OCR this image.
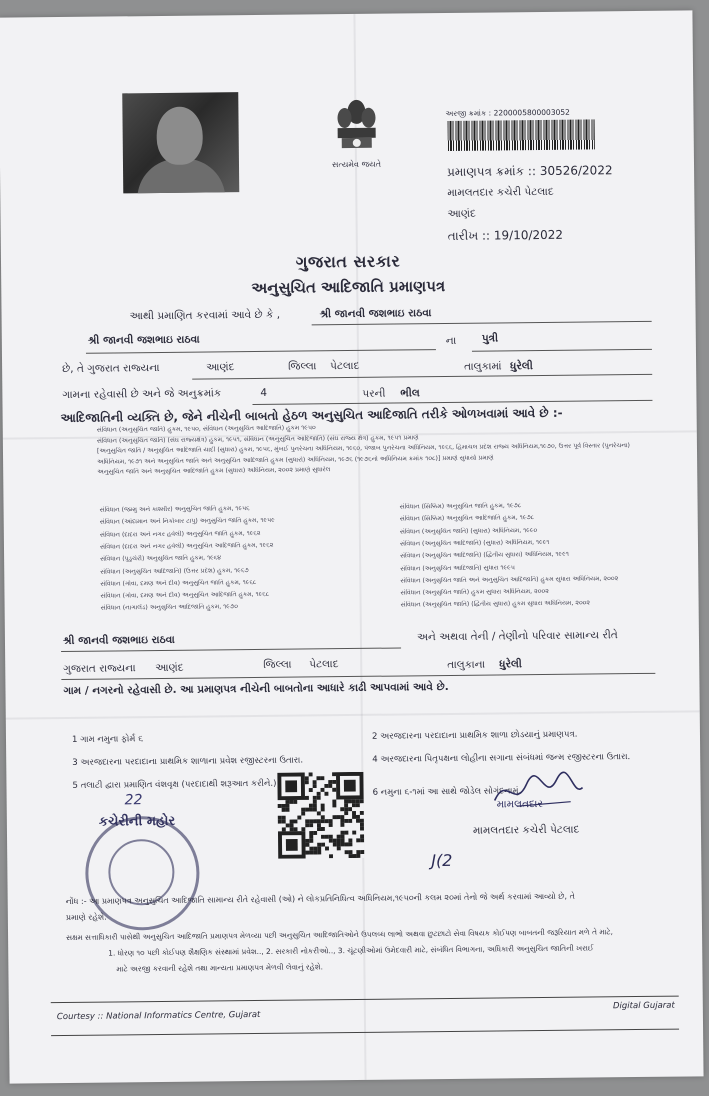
સત્યમેવ જયતે
અરજી ક્રમાંક : 2200005800003052
પ્રમાણપત્ર ક્રમાંક :: 30526/2022
મામલતદાર કચેરી પેટલાદ
આણંદ
તારીખ :: 19/10/2022
ગુજરાત સરકાર
અનુસુચિત આદિજાતિ પ્રમાણપત્ર
આથી પ્રમાણિત કરવામાં આવે છે કે ,	શ્રી જાનવી જશભાઇ રાઠવા
શ્રી જાનવી જશભાઇ રાઠવા	ના પુત્રી
છે, તે ગુજરાત રાજ્યના	આણંદ	જિલ્લા પેટલાદ	તાલુકામાં ધુરેલી
ગામના રહેવાસી છે અને જે અનુક્રમાંક	4	પરની ભીલ
આદિજાતિની વ્યક્તિ છે, જેને નીચેની બાબતો હેઠળ અનુસુચિત આદિજાતિ તરીકે ઓળખવામાં આવે છે :-
સંવિધાન (અનુસુચિત જાતિ) હુકમ, ૧૯૫૦, સંવિધાન (અનુસુચિત આદિજાતિ) હુકમ ૧૯૫૦
સંવિધાન (અનુસુચિત જાતિ) (સંઘ રાજ્યક્ષેત્ર) હુકમ, ૧૯૫૧, સંવિધાન (અનુસુચિત આદિજાતિ) (સંઘ રાજ્ય ક્ષેત્ર) હુકમ, ૧૯૫૧ પ્રમાણે
[અનુસુચિત જાતિ / અનુસુચિત આદિજાતિ યાદી (સુધારા) હુકમ, ૧૯૫૬, મુંબઈ પુનર્રચના અધિનિયમ, ૧૯૬૦, પંજાબ પુનર્રચના અધિનિયમ, ૧૯૬૬, હિમાચલ પ્રદેશ રાજ્ય અધિનિયમ,૧૯૭૦, ઉત્તર પૂર્વ વિસ્તાર (પુનર્રચના)
અધિનિયમ, ૧૯૭૧ અને અનુસુચિત જાતિ અને અનુસુચિત આદિજાતિ હુકમ (સુધારો) અધિનિયમ, ૧૯૭૬ (૧૯૭૬નો અધિનિયમ ક્રમાંક ૧૦૮)] પ્રમાણે સુધાર્યા પ્રમાણે
અનુસુચિત જાતિ અને અનુસુચિત આદિજાતિ હુકમ (સુધારા) અધિનિયમ, ૨૦૦૨ પ્રમાણે સુધારેલ
સંવિધાન (જમ્મુ અને કાશ્મીર) અનુસુચિત જાતિ હુકમ, ૧૯૫૬
સંવિધાન (આંદામાન અને નિકોબાર ટાપુ) અનુસુચિત જાતિ હુકમ, ૧૯૫૯
સંવિધાન (દાદરા અને નગર હવેલી) અનુસુચિત જાતિ હુકમ, ૧૯૬૨
સંવિધાન (દાદરા અને નગર હવેલી) અનુસુચિત આદિજાતિ હુકમ, ૧૯૬૨
સંવિધાન (પુડુચેરી) અનુસુચિત જાતિ હુકમ, ૧૯૬૪
સંવિધાન (અનુસુચિત આદિજાતિ) (ઉત્તર પ્રદેશ) હુકમ, ૧૯૬૭
સંવિધાન (ગોવા, દમણ અને દીવ) અનુસુચિત જાતિ હુકમ, ૧૯૬૮
સંવિધાન (ગોવા, દમણ અને દીવ) અનુસુચિત આદિજાતિ હુકમ, ૧૯૬૮
સંવિધાન (નાગાલેંડ) અનુસુચિત આદિજાતિ હુકમ, ૧૯૭૦
સંવિધાન (સિક્કિમ) અનુસુચિત જાતિ હુકમ, ૧૯૭૮
સંવિધાન (સિક્કિમ) અનુસુચિત આદિજાતિ હુકમ, ૧૯૭૮
સંવિધાન (અનુસુચિત જાતિ) (સુધારા) અધિનિયમ, ૧૯૯૦
સંવિધાન (અનુસુચિત આદિજાતિ) (સુધારા) અધિનિયમ, ૧૯૯૧
સંવિધાન (અનુસુચિત આદિજાતિ) (દ્વિતીય સુધારા) અધિનિયમ, ૧૯૯૧
સંવિધાન (અનુસુચિત આદિજાતિ) સુધારા ૧૯૯૫
સંવિધાન (અનુસુચિત જાતિ અને અનુસુચિત આદિજાતિ) હુકમ સુધારા અધિનિયમ, ૨૦૦૨
સંવિધાન (અનુસુચિત જાતિ) હુકમ સુધારા અધિનિયમ, ૨૦૦૨
સંવિધાન (અનુસુચિત જાતિ) (દ્વિતીય સુધારા) હુકમ સુધારા અધિનિયમ, ૨૦૦૨
શ્રી જાનવી જશભાઇ રાઠવા	અને અથવા તેની / તેણીનો પરિવાર સામાન્ય રીતે
ગુજરાત રાજ્યના આણંદ	જિલ્લા પેટલાદ	તાલુકાના ધુરેલી
ગામ / નગરનો રહેવાસી છે. આ પ્રમાણપત્ર નીચેની બાબતોના આધારે કાઢી આપવામાં આવે છે.
1 ગામ નમુના ફોર્મ ૬	2 અરજદારના પરદાદાના પ્રાથમિક શાળા છોડયાનું પ્રમાણપત્ર.
3 અરજદારના પરદાદાના પ્રાથમિક શાળાના પ્રવેશ રજીસ્ટરના ઉતારા.	4 અરજદારના પિતૃપક્ષના લોહીના સગાના સંબંધમાં જન્મ રજીસ્ટરના ઉતારા.
5 તલાટી દ્વારા પ્રમાણિત વંશવૃક્ષ (પરદાદાથી શરૂઆત કરીને.)
6 નમુના ૬-૧માં આ સાથે જોડેલ સોગંદનામું.
22
કચેરીની મહોર
મામલતદાર
મામલતદાર કચેરી પેટલાદ
J(2
નોંધ :- આ પ્રમાણપત્ર અનુસુચિત આદિજાતિ સામાન્ય રીતે રહેવાસી (ઓ) ને લોકપ્રતિનિધિત્વ અધિનિયમ,૧૯૫૦ની કલમ ૨૦માં તેનો જે અર્થ કરવામાં આવ્યો છે, તે
પ્રમાણે રહેશે.
સક્ષમ સત્તાધિકારી પાસેથી અનુસુચિત આદિજાતિ પ્રમાણપત્ર મેળવ્યા પછી અનુસુચિત આદિજાતિઓને ઉપલબ્ધ લાભો અથવા છુટછાટો સેવા વિષયક કોઈપણ બાબતની જરૂરિયાત મળે તે માટે,
1. ધોરણ ૧૦ પછી કોઈપણ શૈક્ષણિક સંસ્થામાં પ્રવેશ.., 2. સરકારી નોકરીઓ.., 3. ચૂંટણીઓમાં ઉમેદવારી માટે, સંબંધિત વિભાગના, અધિકારી અનુસુચિત જાતિની ખરાઈ
માટે અરજી કરવાની રહેશે તથા માન્યતા પ્રમાણપત્ર મેળવી લેવાનું રહેશે.
Courtesy :: National Informatics Centre, Gujarat
Digital Gujarat
